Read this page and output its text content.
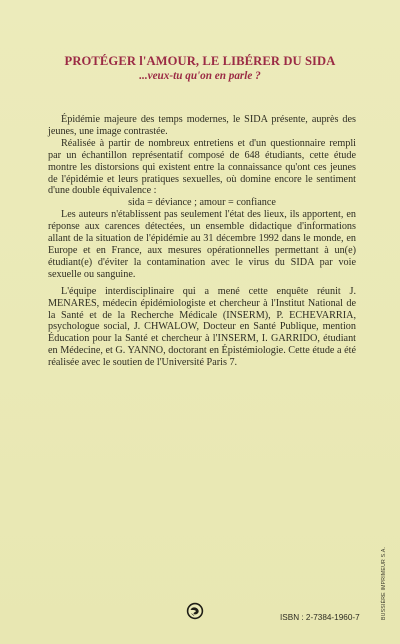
PROTÉGER l'AMOUR, LE LIBÉRER DU SIDA
...veux-tu qu'on en parle ?

Épidémie majeure des temps modernes, le SIDA présente, auprès des jeunes, une image contrastée.

Réalisée à partir de nombreux entretiens et d'un questionnaire rempli par un échantillon représentatif composé de 648 étudiants, cette étude montre les distorsions qui existent entre la connaissance qu'ont ces jeunes de l'épidémie et leurs pratiques sexuelles, où domine encore le sentiment d'une double équivalence :

sida = déviance ; amour = confiance

Les auteurs n'établissent pas seulement l'état des lieux, ils apportent, en réponse aux carences détectées, un ensemble didactique d'informations allant de la situation de l'épidémie au 31 décembre 1992 dans le monde, en Europe et en France, aux mesures opérationnelles permettant à un(e) étudiant(e) d'éviter la contamination avec le virus du SIDA par voie sexuelle ou sanguine.

L'équipe interdisciplinaire qui a mené cette enquête réunit J. MENARES, médecin épidémiologiste et chercheur à l'Institut National de la Santé et de la Recherche Médicale (INSERM), P. ECHEVARRIA, psychologue social, J. CHWALOW, Docteur en Santé Publique, mention Éducation pour la Santé et chercheur à l'INSERM, I. GARRIDO, étudiant en Médecine, et G. YANNO, doctorant en Épistémiologie. Cette étude a été réalisée avec le soutien de l'Université Paris 7.

ISBN : 2-7384-1960-7	BUSSIÈRE IMPRIMEUR S.A.
